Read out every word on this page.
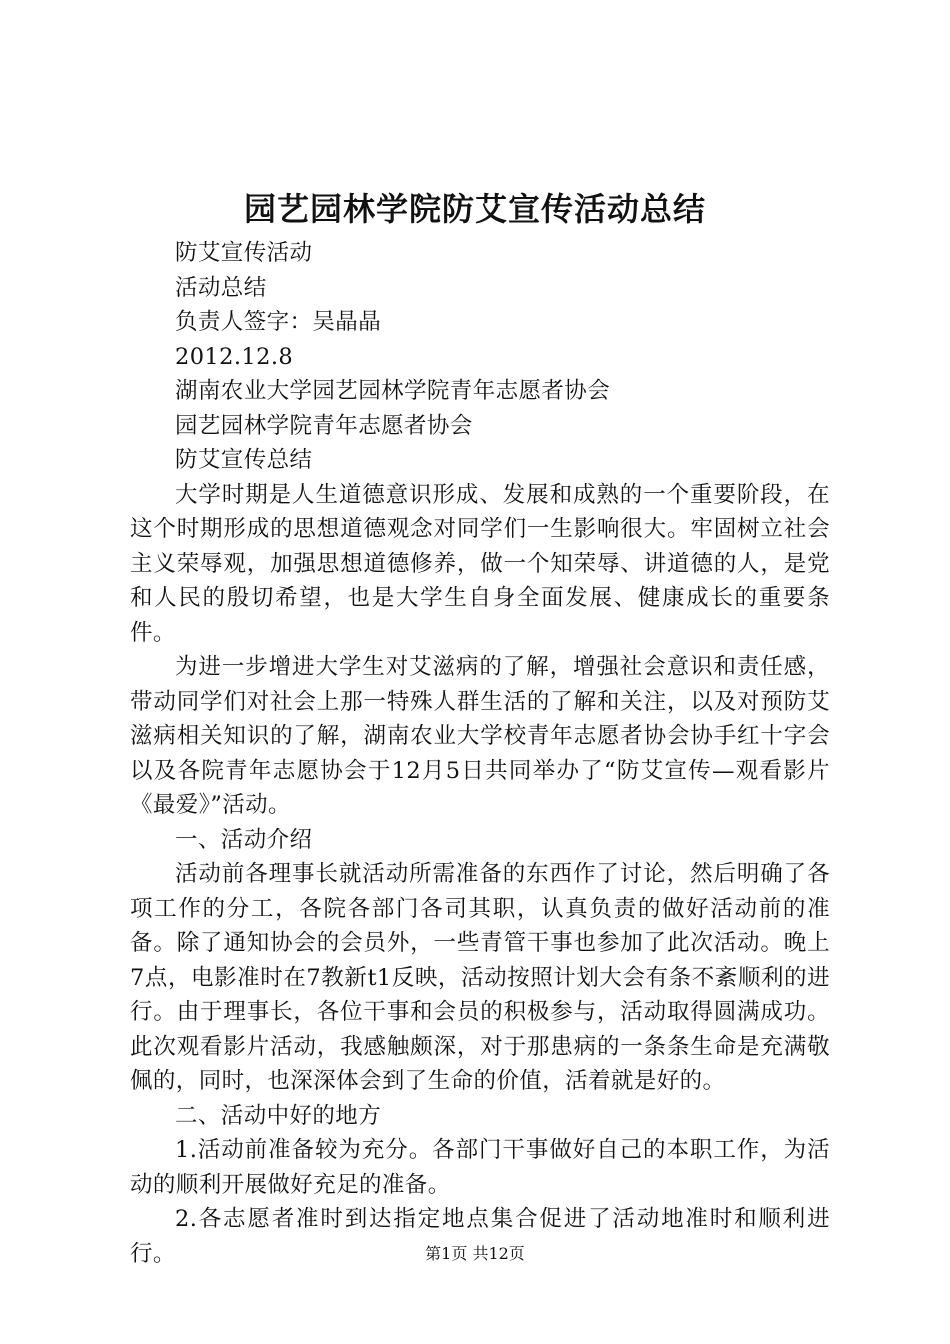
园艺园林学院防艾宣传活动总结

防艾宣传活动

活动总结

负责人签字：吴晶晶

2012.12.8

湖南农业大学园艺园林学院青年志愿者协会

园艺园林学院青年志愿者协会

防艾宣传总结

大学时期是人生道德意识形成、发展和成熟的一个重要阶段，在这个时期形成的思想道德观念对同学们一生影响很大。牢固树立社会主义荣辱观，加强思想道德修养，做一个知荣辱、讲道德的人，是党和人民的殷切希望，也是大学生自身全面发展、健康成长的重要条件。

为进一步增进大学生对艾滋病的了解，增强社会意识和责任感，带动同学们对社会上那一特殊人群生活的了解和关注，以及对预防艾滋病相关知识的了解，湖南农业大学校青年志愿者协会协手红十字会以及各院青年志愿协会于12月5日共同举办了“防艾宣传—观看影片《最爱》”活动。

一、活动介绍

活动前各理事长就活动所需准备的东西作了讨论，然后明确了各项工作的分工，各院各部门各司其职，认真负责的做好活动前的准备。除了通知协会的会员外，一些青管干事也参加了此次活动。晚上7点，电影准时在7教新t1反映，活动按照计划大会有条不紊顺利的进行。由于理事长，各位干事和会员的积极参与，活动取得圆满成功。此次观看影片活动，我感触颇深，对于那患病的一条条生命是充满敬佩的，同时，也深深体会到了生命的价值，活着就是好的。

二、活动中好的地方

1.活动前准备较为充分。各部门干事做好自己的本职工作，为活动的顺利开展做好充足的准备。

2.各志愿者准时到达指定地点集合促进了活动地准时和顺利进行。	第1页 共12页
